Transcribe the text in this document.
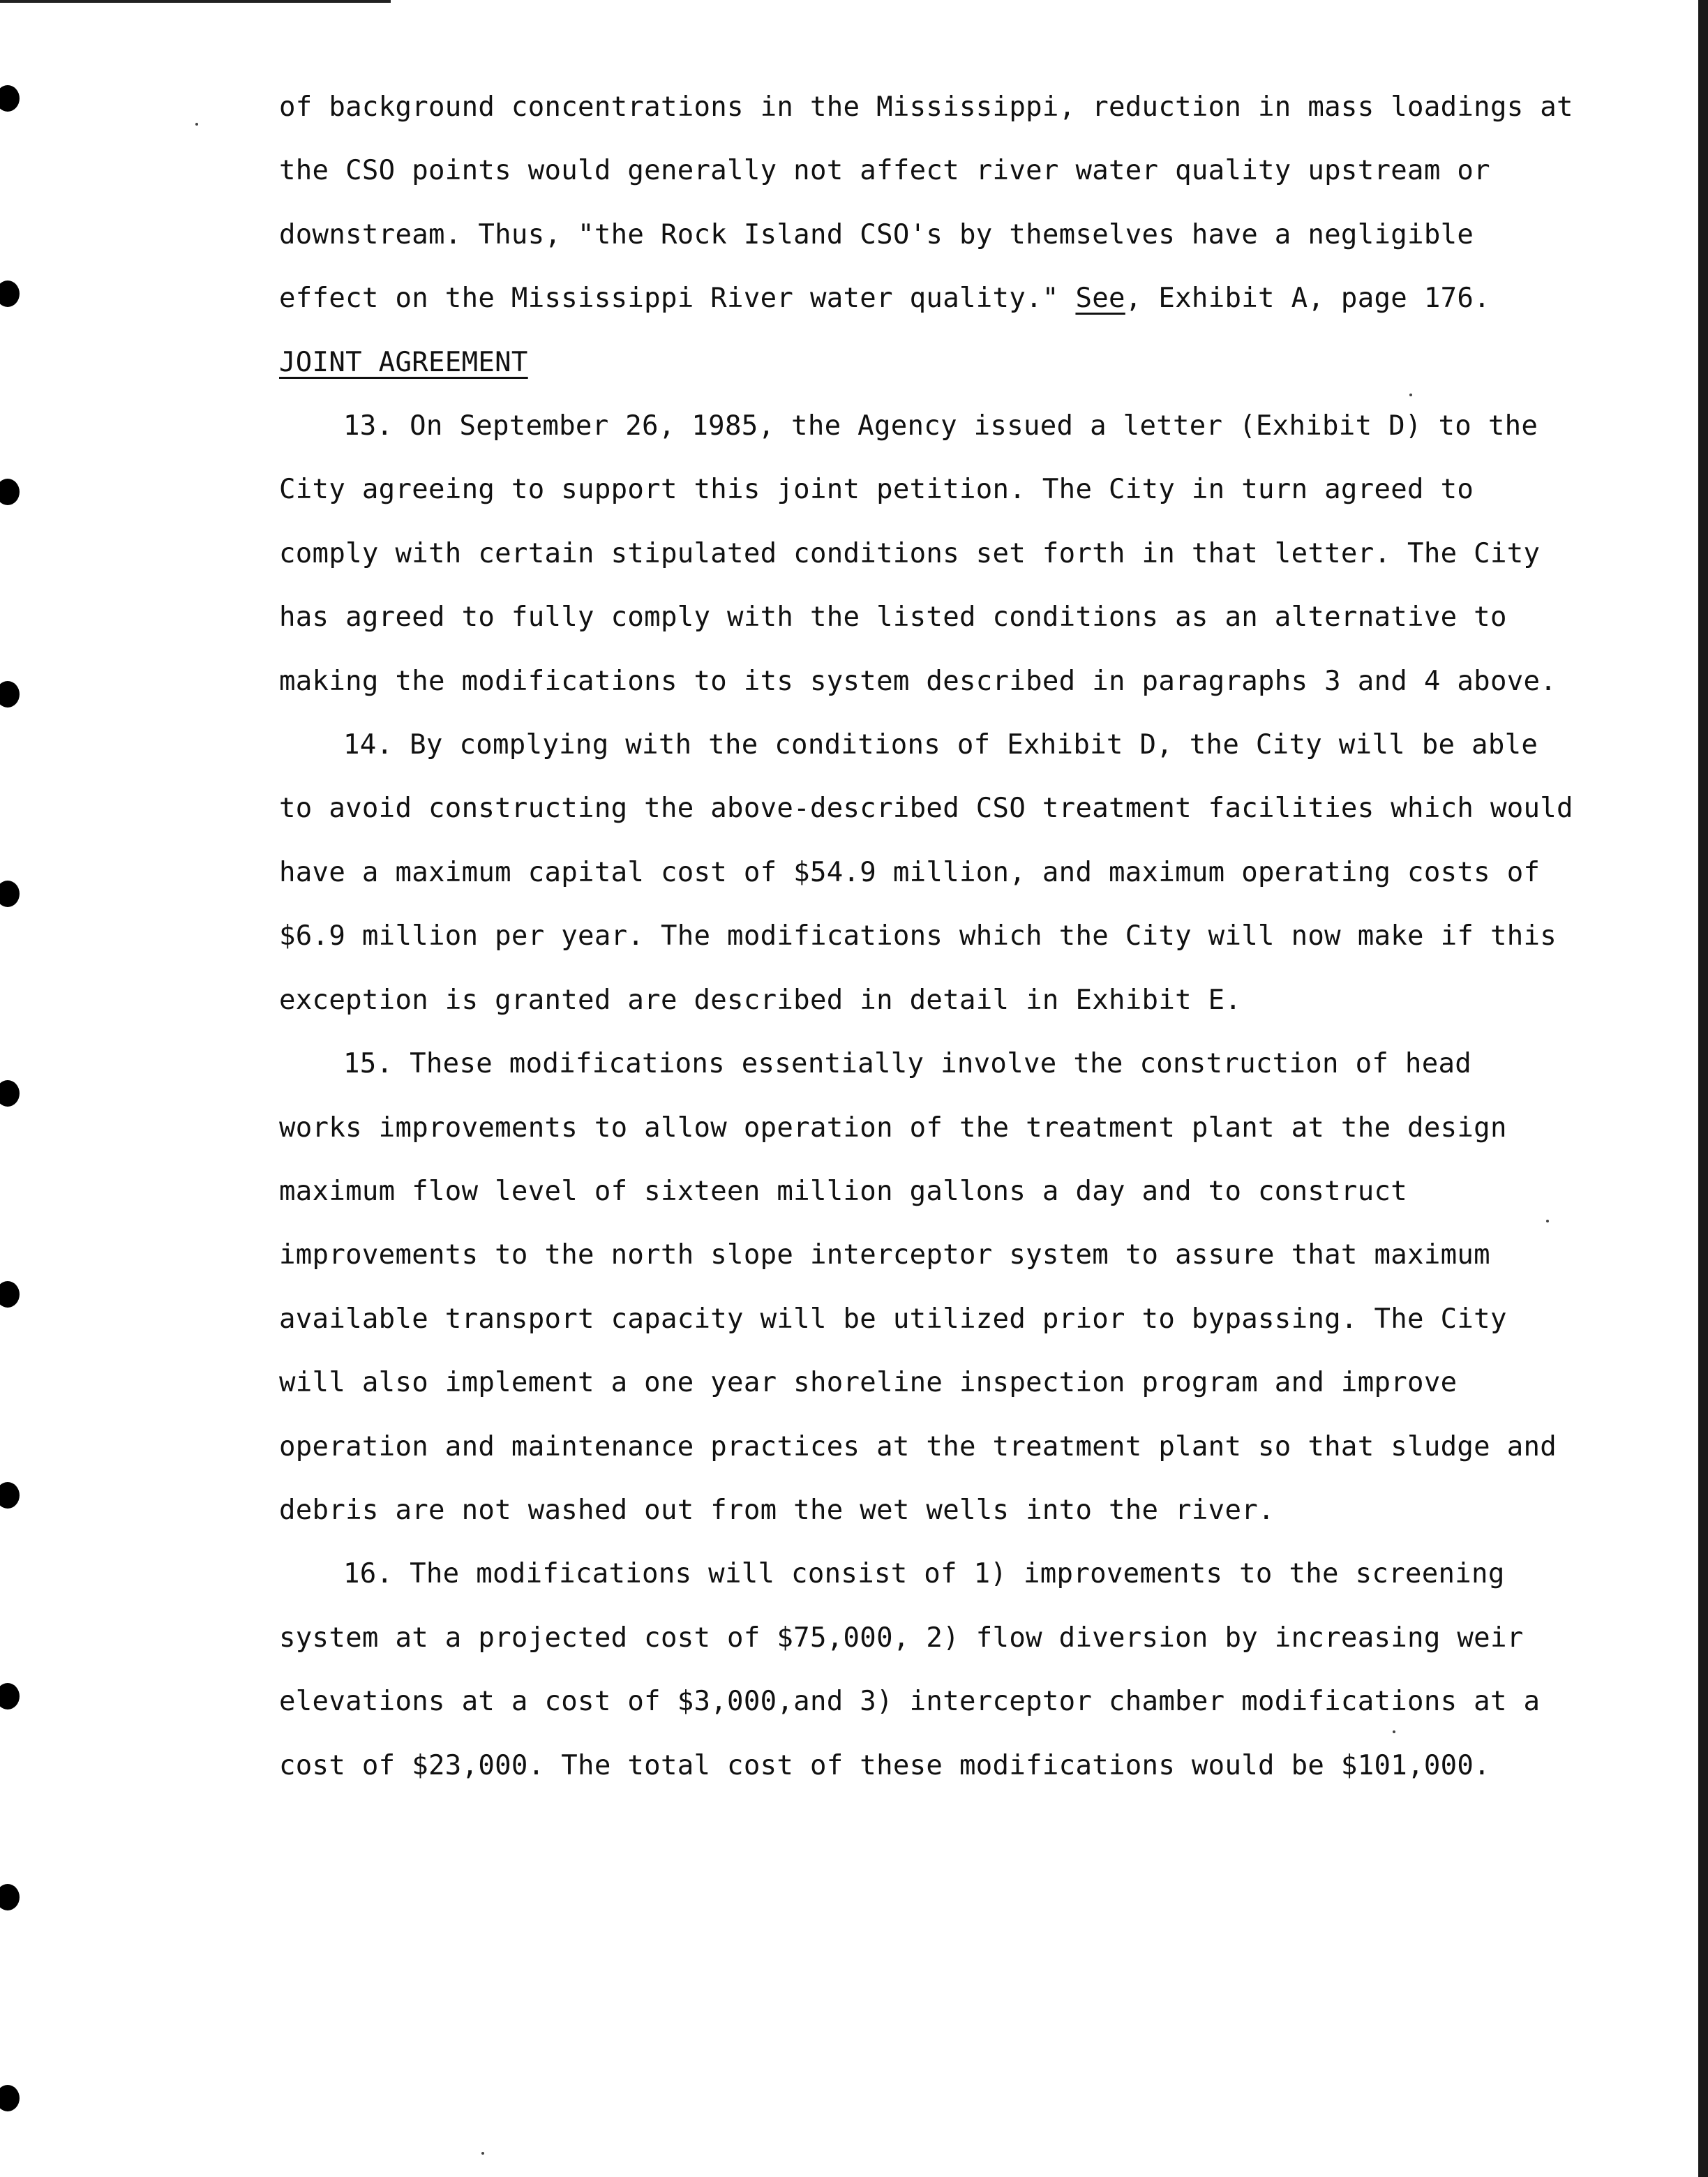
of background concentrations in the Mississippi, reduction in mass loadings at
the CSO points would generally not affect river water quality upstream or
downstream. Thus, "the Rock Island CSO's by themselves have a negligible
effect on the Mississippi River water quality." See, Exhibit A, page 176.
JOINT AGREEMENT
13. On September 26, 1985, the Agency issued a letter (Exhibit D) to the
City agreeing to support this joint petition. The City in turn agreed to
comply with certain stipulated conditions set forth in that letter. The City
has agreed to fully comply with the listed conditions as an alternative to
making the modifications to its system described in paragraphs 3 and 4 above.
14. By complying with the conditions of Exhibit D, the City will be able
to avoid constructing the above-described CSO treatment facilities which would
have a maximum capital cost of $54.9 million, and maximum operating costs of
$6.9 million per year. The modifications which the City will now make if this
exception is granted are described in detail in Exhibit E.
15. These modifications essentially involve the construction of head
works improvements to allow operation of the treatment plant at the design
maximum flow level of sixteen million gallons a day and to construct
improvements to the north slope interceptor system to assure that maximum
available transport capacity will be utilized prior to bypassing. The City
will also implement a one year shoreline inspection program and improve
operation and maintenance practices at the treatment plant so that sludge and
debris are not washed out from the wet wells into the river.
16. The modifications will consist of 1) improvements to the screening
system at a projected cost of $75,000, 2) flow diversion by increasing weir
elevations at a cost of $3,000,and 3) interceptor chamber modifications at a
cost of $23,000. The total cost of these modifications would be $101,000.
